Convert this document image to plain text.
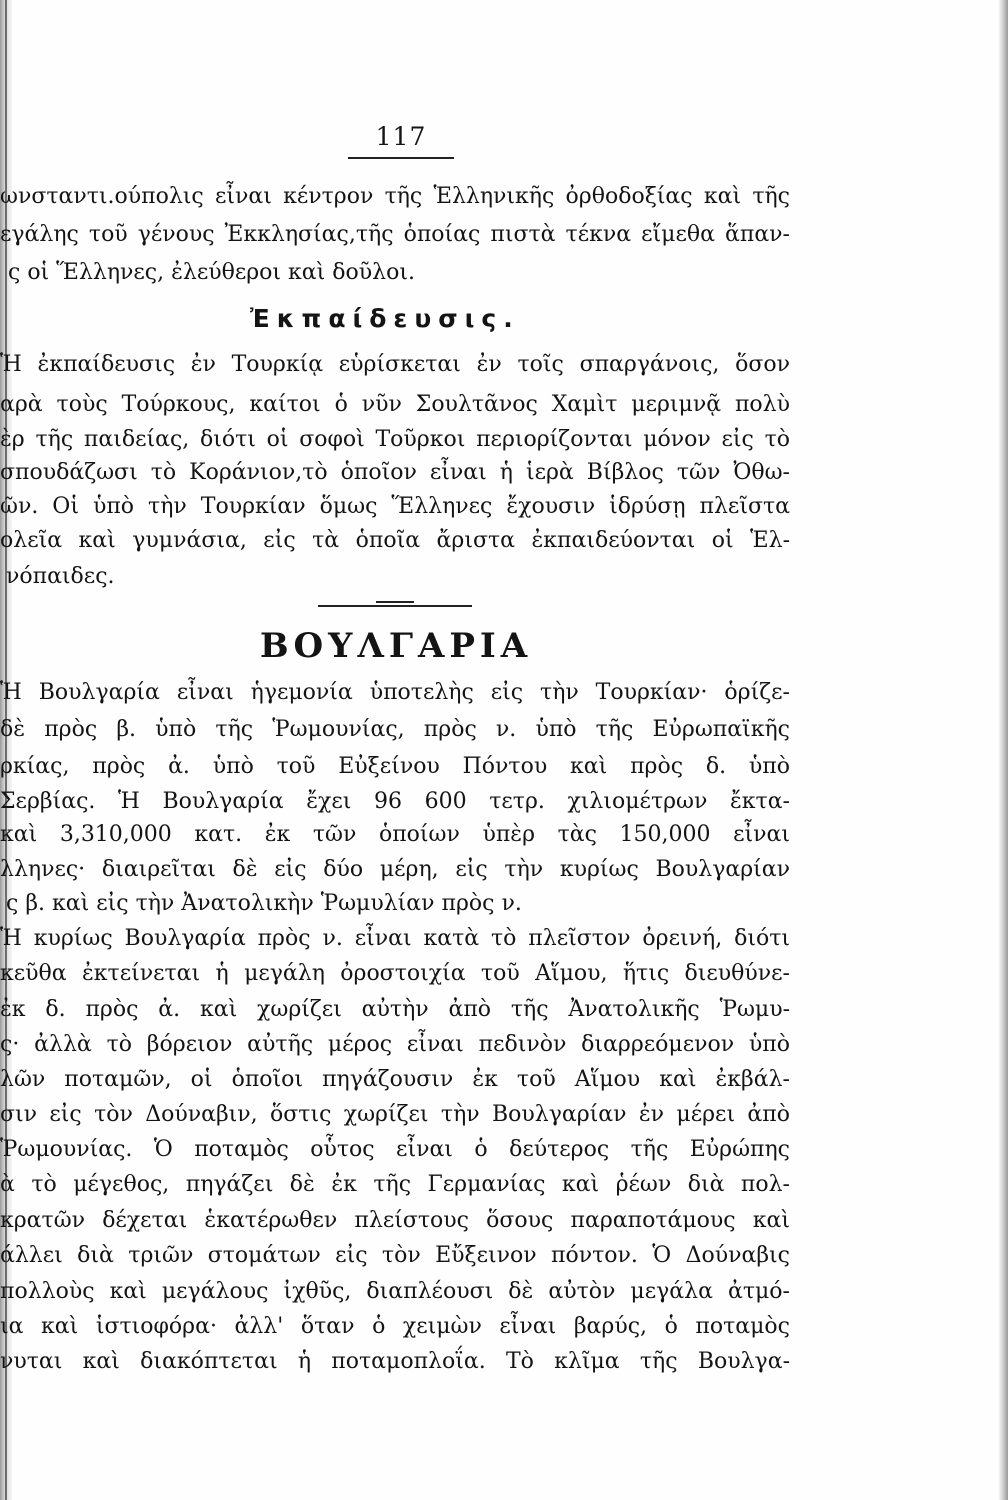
117
ωνσταντι.ούπολις εἶναι κέντρον τῆς Ἑλληνικῆς ὀρθοδοξίας καὶ τῆς
εγάλης τοῦ γένους Ἐκκλησίας,τῆς ὁποίας πιστὰ τέκνα εἴμεθα ἅπαν-
ς οἱ Ἕλληνες, ἐλεύθεροι καὶ δοῦλοι.
Ἐκπαίδευσις.
Ἡ ἐκπαίδευσις ἐν Τουρκίᾳ εὑρίσκεται ἐν τοῖς σπαργάνοις, ὅσον
αρὰ τοὺς Τούρκους, καίτοι ὁ νῦν Σουλτᾶνος Χαμὶτ μεριμνᾷ πολὺ
ὲρ τῆς παιδείας, διότι οἱ σοφοὶ Τοῦρκοι περιορίζονται μόνον εἰς τὸ
σπουδάζωσι τὸ Κοράνιον,τὸ ὁποῖον εἶναι ἡ ἱερὰ Βίβλος τῶν Ὀθω-
ῶν. Οἱ ὑπὸ τὴν Τουρκίαν ὅμως Ἕλληνες ἔχουσιν ἱδρύσῃ πλεῖστα
ολεῖα καὶ γυμνάσια, εἰς τὰ ὁποῖα ἄριστα ἐκπαιδεύονται οἱ Ἑλ-
νόπαιδες.
ΒΟΥΛΓΑΡΙΑ
Ἡ Βουλγαρία εἶναι ἡγεμονία ὑποτελὴς εἰς τὴν Τουρκίαν· ὁρίζε-
δὲ πρὸς β. ὑπὸ τῆς Ῥωμουνίας, πρὸς ν. ὑπὸ τῆς Εὐρωπαϊκῆς
ρκίας, πρὸς ἀ. ὑπὸ τοῦ Εὐξείνου Πόντου καὶ πρὸς δ. ὑπὸ
Σερβίας. Ἡ Βουλγαρία ἔχει 96 600 τετρ. χιλιομέτρων ἔκτα-
καὶ 3,310,000 κατ. ἐκ τῶν ὁποίων ὑπὲρ τὰς 150,000 εἶναι
λληνες· διαιρεῖται δὲ εἰς δύο μέρη, εἰς τὴν κυρίως Βουλγαρίαν
ς β. καὶ εἰς τὴν Ἀνατολικὴν Ῥωμυλίαν πρὸς ν.
Ἡ κυρίως Βουλγαρία πρὸς ν. εἶναι κατὰ τὸ πλεῖστον ὀρεινή, διότι
κεῦθα ἐκτείνεται ἡ μεγάλη ὀροστοιχία τοῦ Αἵμου, ἥτις διευθύνε-
ἐκ δ. πρὸς ἀ. καὶ χωρίζει αὐτὴν ἀπὸ τῆς Ἀνατολικῆς Ῥωμυ-
ς· ἀλλὰ τὸ βόρειον αὐτῆς μέρος εἶναι πεδινὸν διαρρεόμενον ὑπὸ
λῶν ποταμῶν, οἱ ὁποῖοι πηγάζουσιν ἐκ τοῦ Αἵμου καὶ ἐκβάλ-
σιν εἰς τὸν Δούναβιν, ὅστις χωρίζει τὴν Βουλγαρίαν ἐν μέρει ἀπὸ
Ῥωμουνίας. Ὁ ποταμὸς οὗτος εἶναι ὁ δεύτερος τῆς Εὐρώπης
ὰ τὸ μέγεθος, πηγάζει δὲ ἐκ τῆς Γερμανίας καὶ ῥέων διὰ πολ-
κρατῶν δέχεται ἑκατέρωθεν πλείστους ὅσους παραποτάμους καὶ
άλλει διὰ τριῶν στομάτων εἰς τὸν Εὔξεινον πόντον. Ὁ Δούναβις
πολλοὺς καὶ μεγάλους ἰχθῦς, διαπλέουσι δὲ αὐτὸν μεγάλα ἀτμό-
ια καὶ ἱστιοφόρα· ἀλλ' ὅταν ὁ χειμὼν εἶναι βαρύς, ὁ ποταμὸς
νυται καὶ διακόπτεται ἡ ποταμοπλοΐα. Τὸ κλῖμα τῆς Βουλγα-
